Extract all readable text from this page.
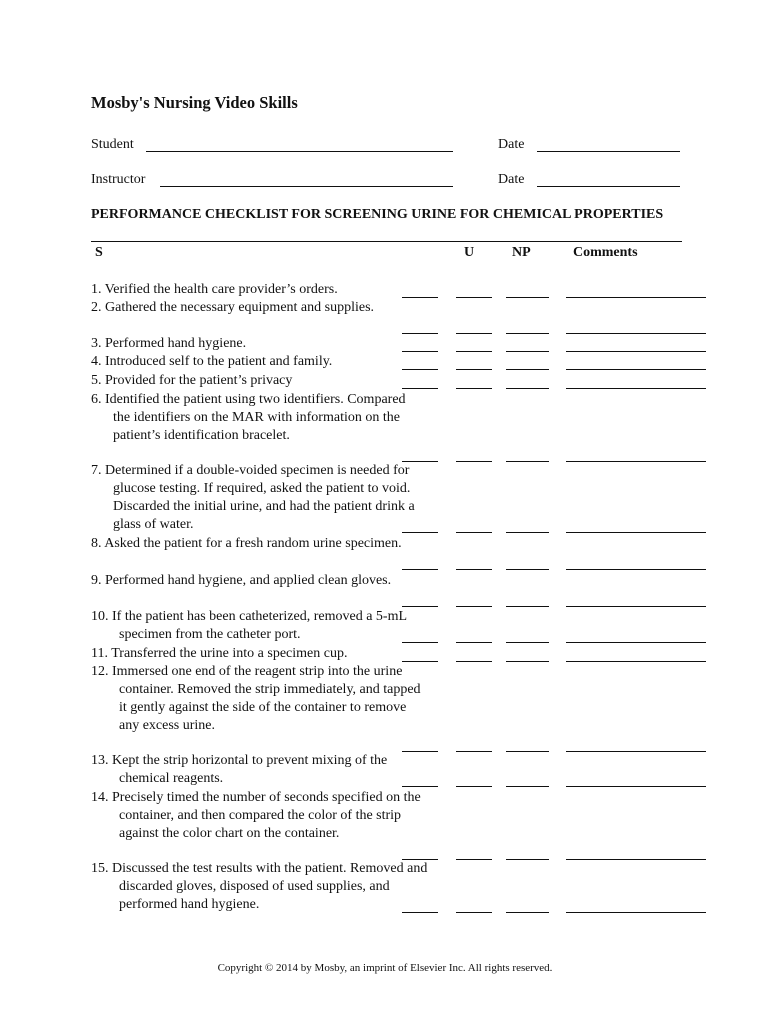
Mosby's Nursing Video Skills
Student	Date
Instructor	Date
PERFORMANCE CHECKLIST FOR SCREENING URINE FOR CHEMICAL PROPERTIES
S	U	NP	Comments
1. Verified the health care provider’s orders.
2. Gathered the necessary equipment and supplies.
3. Performed hand hygiene.
4. Introduced self to the patient and family.
5. Provided for the patient’s privacy
6. Identified the patient using two identifiers. Compared the identifiers on the MAR with information on the patient’s identification bracelet.
7. Determined if a double-voided specimen is needed for glucose testing. If required, asked the patient to void. Discarded the initial urine, and had the patient drink a glass of water.
8. Asked the patient for a fresh random urine specimen.
9. Performed hand hygiene, and applied clean gloves.
10. If the patient has been catheterized, removed a 5-mL specimen from the catheter port.
11. Transferred the urine into a specimen cup.
12. Immersed one end of the reagent strip into the urine container. Removed the strip immediately, and tapped it gently against the side of the container to remove any excess urine.
13. Kept the strip horizontal to prevent mixing of the chemical reagents.
14. Precisely timed the number of seconds specified on the container, and then compared the color of the strip against the color chart on the container.
15. Discussed the test results with the patient. Removed and discarded gloves, disposed of used supplies, and performed hand hygiene.
Copyright © 2014 by Mosby, an imprint of Elsevier Inc. All rights reserved.
